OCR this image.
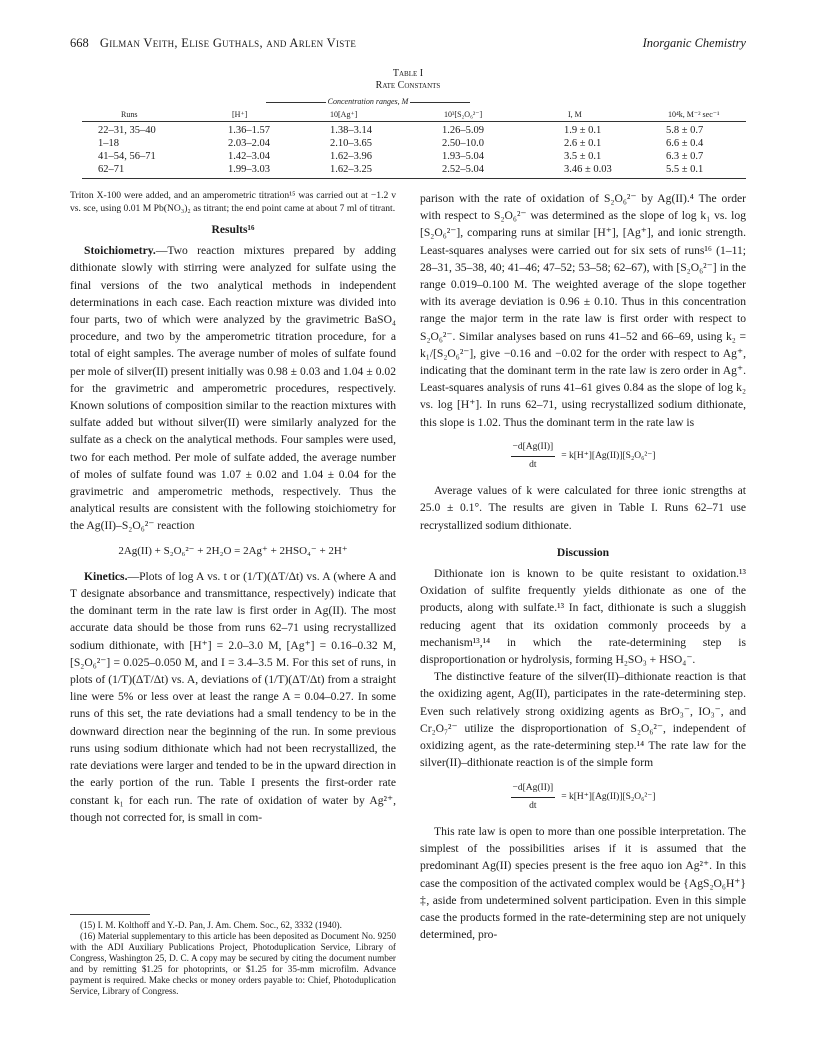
668 Gilman Veith, Elise Guthals, and Arlen Viste	Inorganic Chemistry
Table I
Rate Constants
Concentration ranges, M
Runs	[H⁺]	10[Ag⁺]	10³[S₂O₆²⁻]	I, M	10⁴k, M⁻² sec⁻¹
22–31, 35–40	1.36–1.57	1.38–3.14	1.26–5.09	1.9 ± 0.1	5.8 ± 0.7
1–18	2.03–2.04	2.10–3.65	2.50–10.0	2.6 ± 0.1	6.6 ± 0.4
41–54, 56–71	1.42–3.04	1.62–3.96	1.93–5.04	3.5 ± 0.1	6.3 ± 0.7
62–71	1.99–3.03	1.62–3.25	2.52–5.04	3.46 ± 0.03	5.5 ± 0.1

Triton X-100 were added, and an amperometric titration¹⁵ was carried out at −1.2 v vs. sce, using 0.01 M Pb(NO₃)₂ as titrant; the end point came at about 7 ml of titrant.

Results¹⁶

Stoichiometry.—Two reaction mixtures prepared by adding dithionate slowly with stirring were analyzed for sulfate using the final versions of the two analytical methods in independent determinations in each case. Each reaction mixture was divided into four parts, two of which were analyzed by the gravimetric BaSO₄ procedure, and two by the amperometric titration procedure, for a total of eight samples. The average number of moles of sulfate found per mole of silver(II) present initially was 0.98 ± 0.03 and 1.04 ± 0.02 for the gravimetric and amperometric procedures, respectively. Known solutions of composition similar to the reaction mixtures with sulfate added but without silver(II) were similarly analyzed for the sulfate as a check on the analytical methods. Four samples were used, two for each method. Per mole of sulfate added, the average number of moles of sulfate found was 1.07 ± 0.02 and 1.04 ± 0.04 for the gravimetric and amperometric methods, respectively. Thus the analytical results are consistent with the following stoichiometry for the Ag(II)–S₂O₆²⁻ reaction

2Ag(II) + S₂O₆²⁻ + 2H₂O = 2Ag⁺ + 2HSO₄⁻ + 2H⁺

Kinetics.—Plots of log A vs. t or (1/T)(ΔT/Δt) vs. A (where A and T designate absorbance and transmittance, respectively) indicate that the dominant term in the rate law is first order in Ag(II). The most accurate data should be those from runs 62–71 using recrystallized sodium dithionate, with [H⁺] = 2.0–3.0 M, [Ag⁺] = 0.16–0.32 M, [S₂O₆²⁻] = 0.025–0.050 M, and I = 3.4–3.5 M. For this set of runs, in plots of (1/T)(ΔT/Δt) vs. A, deviations of (1/T)(ΔT/Δt) from a straight line were 5% or less over at least the range A = 0.04–0.27. In some runs of this set, the rate deviations had a small tendency to be in the downward direction near the beginning of the run. In some previous runs using sodium dithionate which had not been recrystallized, the rate deviations were larger and tended to be in the upward direction in the early portion of the run. Table I presents the first-order rate constant k₁ for each run. The rate of oxidation of water by Ag²⁺, though not corrected for, is small in com-

(15) I. M. Kolthoff and Y.-D. Pan, J. Am. Chem. Soc., 62, 3332 (1940).

(16) Material supplementary to this article has been deposited as Document No. 9250 with the ADI Auxiliary Publications Project, Photoduplication Service, Library of Congress, Washington 25, D. C. A copy may be secured by citing the document number and by remitting $1.25 for photoprints, or $1.25 for 35-mm microfilm. Advance payment is required. Make checks or money orders payable to: Chief, Photoduplication Service, Library of Congress.

parison with the rate of oxidation of S₂O₆²⁻ by Ag(II).⁴ The order with respect to S₂O₆²⁻ was determined as the slope of log k₁ vs. log [S₂O₆²⁻], comparing runs at similar [H⁺], [Ag⁺], and ionic strength. Least-squares analyses were carried out for six sets of runs¹⁶ (1–11; 28–31, 35–38, 40; 41–46; 47–52; 53–58; 62–67), with [S₂O₆²⁻] in the range 0.019–0.100 M. The weighted average of the slope together with its average deviation is 0.96 ± 0.10. Thus in this concentration range the major term in the rate law is first order with respect to S₂O₆²⁻. Similar analyses based on runs 41–52 and 66–69, using k₂ = k₁/[S₂O₆²⁻], give −0.16 and −0.02 for the order with respect to Ag⁺, indicating that the dominant term in the rate law is zero order in Ag⁺. Least-squares analysis of runs 41–61 gives 0.84 as the slope of log k₂ vs. log [H⁺]. In runs 62–71, using recrystallized sodium dithionate, this slope is 1.02. Thus the dominant term in the rate law is

$\frac{-d[Ag(II)]}{dt} = k[H^+][Ag(II)][S_2O_6^{2-}]$

Average values of k were calculated for three ionic strengths at 25.0 ± 0.1°. The results are given in Table I. Runs 62–71 use recrystallized sodium dithionate.

Discussion

Dithionate ion is known to be quite resistant to oxidation.¹³ Oxidation of sulfite frequently yields dithionate as one of the products, along with sulfate.¹³ In fact, dithionate is such a sluggish reducing agent that its oxidation commonly proceeds by a mechanism¹³,¹⁴ in which the rate-determining step is disproportionation or hydrolysis, forming H₂SO₃ + HSO₄⁻.

The distinctive feature of the silver(II)–dithionate reaction is that the oxidizing agent, Ag(II), participates in the rate-determining step. Even such relatively strong oxidizing agents as BrO₃⁻, IO₃⁻, and Cr₂O₇²⁻ utilize the disproportionation of S₂O₆²⁻, independent of oxidizing agent, as the rate-determining step.¹⁴ The rate law for the silver(II)–dithionate reaction is of the simple form

$\frac{-d[Ag(II)]}{dt} = k[H^+][Ag(II)][S_2O_6^{2-}]$

This rate law is open to more than one possible interpretation. The simplest of the possibilities arises if it is assumed that the predominant Ag(II) species present is the free aquo ion Ag²⁺. In this case the composition of the activated complex would be {AgS₂O₆H⁺}‡, aside from undetermined solvent participation. Even in this simple case the products formed in the rate-determining step are not uniquely determined, pro-
